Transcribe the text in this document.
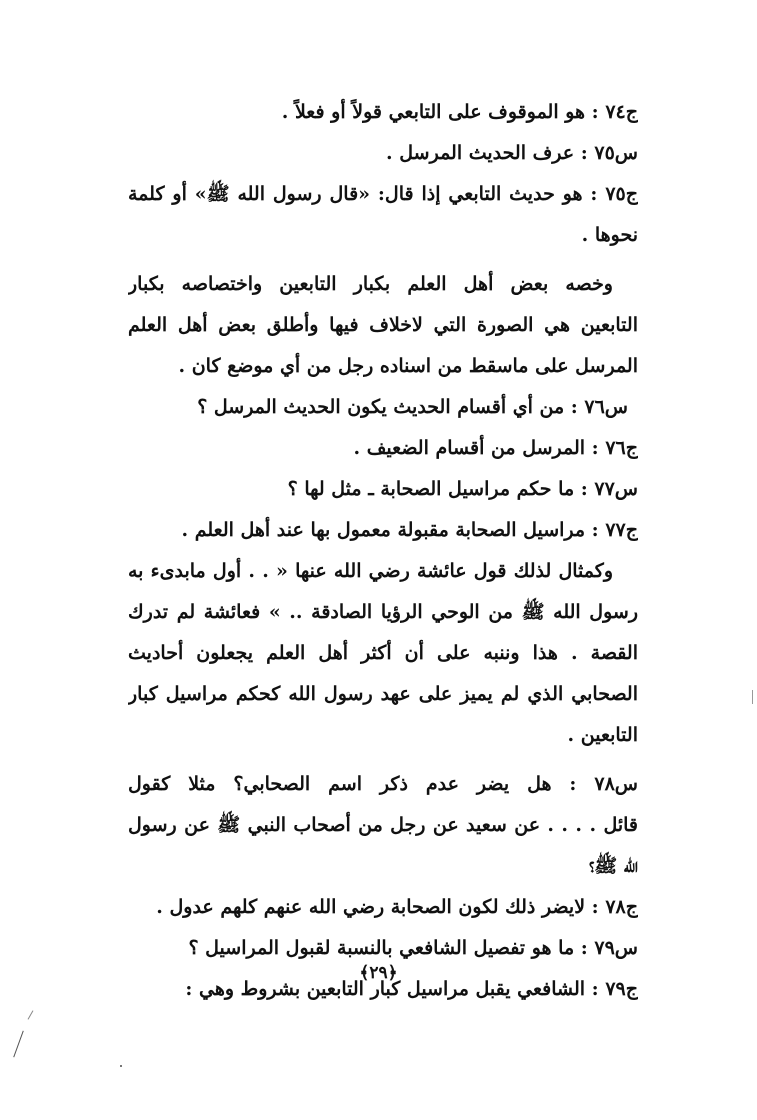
ج٧٤ : هو الموقوف على التابعي قولاً أو فعلاً .
س٧٥ : عرف الحديث المرسل .
ج٧٥ : هو حديث التابعي إذا قال: «قال رسول الله ﷺ» أو كلمة
نحوها .
وخصه بعض أهل العلم بكبار التابعين واختصاصه بكبار
التابعين هي الصورة التي لاخلاف فيها وأطلق بعض أهل العلم
المرسل على ماسقط من اسناده رجل من أي موضع كان .
س٧٦ : من أي أقسام الحديث يكون الحديث المرسل ؟
ج٧٦ : المرسل من أقسام الضعيف .
س٧٧ : ما حكم مراسيل الصحابة ـ مثل لها ؟
ج٧٧ : مراسيل الصحابة مقبولة معمول بها عند أهل العلم .
وكمثال لذلك قول عائشة رضي الله عنها « . . أول مابدىء به
رسول الله ﷺ من الوحي الرؤيا الصادقة .. » فعائشة لم تدرك
القصة . هذا وننبه على أن أكثر أهل العلم يجعلون أحاديث
الصحابي الذي لم يميز على عهد رسول الله كحكم مراسيل كبار
التابعين .
س٧٨ : هل يضر عدم ذكر اسم الصحابي؟ مثلا كقول
قائل . . . . عن سعيد عن رجل من أصحاب النبي ﷺ عن رسول
الله ﷺ؟
ج٧٨ : لايضر ذلك لكون الصحابة رضي الله عنهم كلهم عدول .
س٧٩ : ما هو تفصيل الشافعي بالنسبة لقبول المراسيل ؟
ج٧٩ : الشافعي يقبل مراسيل كبار التابعين بشروط وهي :
﴿٢٩﴾
